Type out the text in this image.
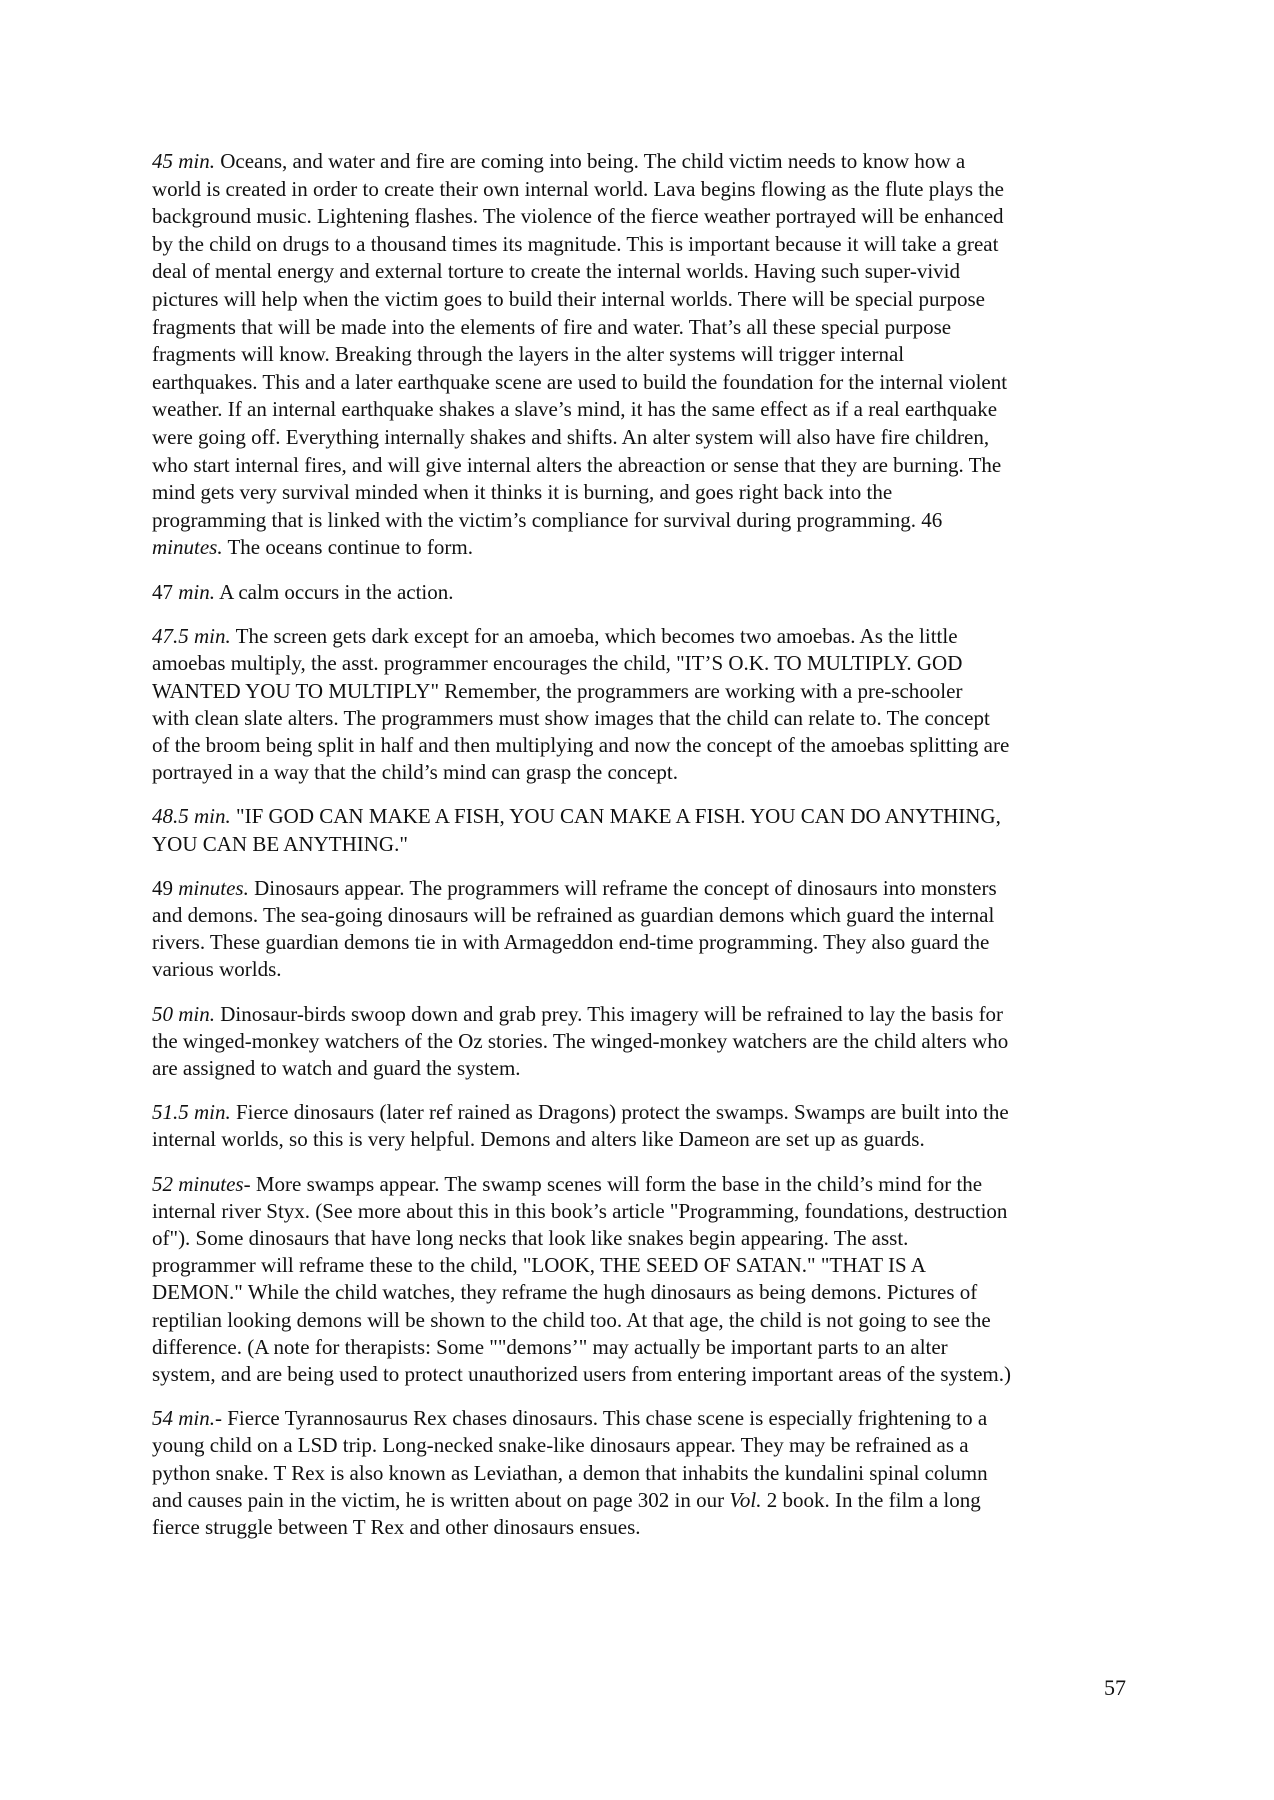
45 min. Oceans, and water and fire are coming into being. The child victim needs to know how a
world is created in order to create their own internal world. Lava begins flowing as the flute plays the
background music. Lightening flashes. The violence of the fierce weather portrayed will be enhanced
by the child on drugs to a thousand times its magnitude. This is important because it will take a great
deal of mental energy and external torture to create the internal worlds. Having such super-vivid
pictures will help when the victim goes to build their internal worlds. There will be special purpose
fragments that will be made into the elements of fire and water. That’s all these special purpose
fragments will know. Breaking through the layers in the alter systems will trigger internal
earthquakes. This and a later earthquake scene are used to build the foundation for the internal violent
weather. If an internal earthquake shakes a slave’s mind, it has the same effect as if a real earthquake
were going off. Everything internally shakes and shifts. An alter system will also have fire children,
who start internal fires, and will give internal alters the abreaction or sense that they are burning. The
mind gets very survival minded when it thinks it is burning, and goes right back into the
programming that is linked with the victim’s compliance for survival during programming. 46
minutes. The oceans continue to form.

47 min. A calm occurs in the action.

47.5 min. The screen gets dark except for an amoeba, which becomes two amoebas. As the little
amoebas multiply, the asst. programmer encourages the child, "IT’S O.K. TO MULTIPLY. GOD
WANTED YOU TO MULTIPLY" Remember, the programmers are working with a pre-schooler
with clean slate alters. The programmers must show images that the child can relate to. The concept
of the broom being split in half and then multiplying and now the concept of the amoebas splitting are
portrayed in a way that the child’s mind can grasp the concept.

48.5 min. "IF GOD CAN MAKE A FISH, YOU CAN MAKE A FISH. YOU CAN DO ANYTHING,
YOU CAN BE ANYTHING."

49 minutes. Dinosaurs appear. The programmers will reframe the concept of dinosaurs into monsters
and demons. The sea-going dinosaurs will be refrained as guardian demons which guard the internal
rivers. These guardian demons tie in with Armageddon end-time programming. They also guard the
various worlds.

50 min. Dinosaur-birds swoop down and grab prey. This imagery will be refrained to lay the basis for
the winged-monkey watchers of the Oz stories. The winged-monkey watchers are the child alters who
are assigned to watch and guard the system.

51.5 min. Fierce dinosaurs (later ref rained as Dragons) protect the swamps. Swamps are built into the
internal worlds, so this is very helpful. Demons and alters like Dameon are set up as guards.

52 minutes- More swamps appear. The swamp scenes will form the base in the child’s mind for the
internal river Styx. (See more about this in this book’s article "Programming, foundations, destruction
of"). Some dinosaurs that have long necks that look like snakes begin appearing. The asst.
programmer will reframe these to the child, "LOOK, THE SEED OF SATAN." "THAT IS A
DEMON." While the child watches, they reframe the hugh dinosaurs as being demons. Pictures of
reptilian looking demons will be shown to the child too. At that age, the child is not going to see the
difference. (A note for therapists: Some ""demons’" may actually be important parts to an alter
system, and are being used to protect unauthorized users from entering important areas of the system.)

54 min.- Fierce Tyrannosaurus Rex chases dinosaurs. This chase scene is especially frightening to a
young child on a LSD trip. Long-necked snake-like dinosaurs appear. They may be refrained as a
python snake. T Rex is also known as Leviathan, a demon that inhabits the kundalini spinal column
and causes pain in the victim, he is written about on page 302 in our Vol. 2 book. In the film a long
fierce struggle between T Rex and other dinosaurs ensues.

57
